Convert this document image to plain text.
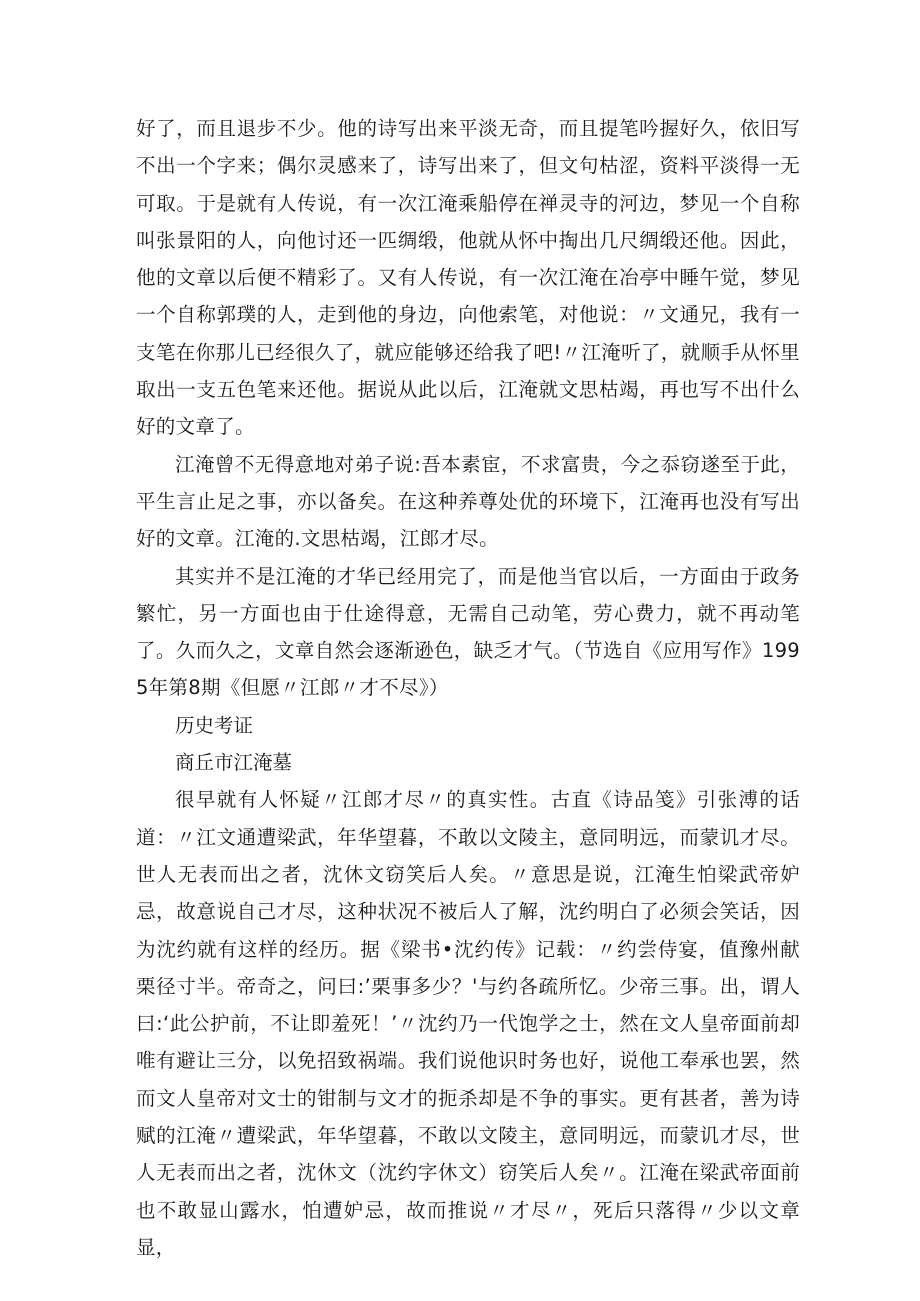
好了，而且退步不少。他的诗写出来平淡无奇，而且提笔吟握好久，依旧写不出一个字来；偶尔灵感来了，诗写出来了，但文句枯涩，资料平淡得一无可取。于是就有人传说，有一次江淹乘船停在禅灵寺的河边，梦见一个自称叫张景阳的人，向他讨还一匹绸缎，他就从怀中掏出几尺绸缎还他。因此，他的文章以后便不精彩了。又有人传说，有一次江淹在冶亭中睡午觉，梦见一个自称郭璞的人，走到他的身边，向他索笔，对他说：〃文通兄，我有一支笔在你那儿已经很久了，就应能够还给我了吧!〃江淹听了，就顺手从怀里取出一支五色笔来还他。据说从此以后，江淹就文思枯竭，再也写不出什么好的文章了。

江淹曾不无得意地对弟子说:吾本素宦，不求富贵，今之忝窃遂至于此，平生言止足之事，亦以备矣。在这种养尊处优的环境下，江淹再也没有写出好的文章。江淹的.文思枯竭，江郎才尽。

其实并不是江淹的才华已经用完了，而是他当官以后，一方面由于政务繁忙，另一方面也由于仕途得意，无需自己动笔，劳心费力，就不再动笔了。久而久之，文章自然会逐渐逊色，缺乏才气。（节选自《应用写作》1995年第8期《但愿〃江郎〃才不尽》）

历史考证

商丘市江淹墓

很早就有人怀疑〃江郎才尽〃的真实性。古直《诗品笺》引张溥的话道：〃江文通遭梁武，年华望暮，不敢以文陵主，意同明远，而蒙讥才尽。世人无表而出之者，沈休文窃笑后人矣。〃意思是说，江淹生怕梁武帝妒忌，故意说自己才尽，这种状况不被后人了解，沈约明白了必须会笑话，因为沈约就有这样的经历。据《梁书•沈约传》记载：〃约尝侍宴，值豫州献栗径寸半。帝奇之，问曰:’栗事多少？'与约各疏所忆。少帝三事。出，谓人曰:‘此公护前，不让即羞死！’〃沈约乃一代饱学之士，然在文人皇帝面前却唯有避让三分，以免招致祸端。我们说他识时务也好，说他工奉承也罢，然而文人皇帝对文士的钳制与文才的扼杀却是不争的事实。更有甚者，善为诗赋的江淹〃遭梁武，年华望暮，不敢以文陵主，意同明远，而蒙讥才尽，世人无表而出之者，沈休文（沈约字休文）窃笑后人矣〃。江淹在梁武帝面前也不敢显山露水，怕遭妒忌，故而推说〃才尽〃，死后只落得〃少以文章显，
